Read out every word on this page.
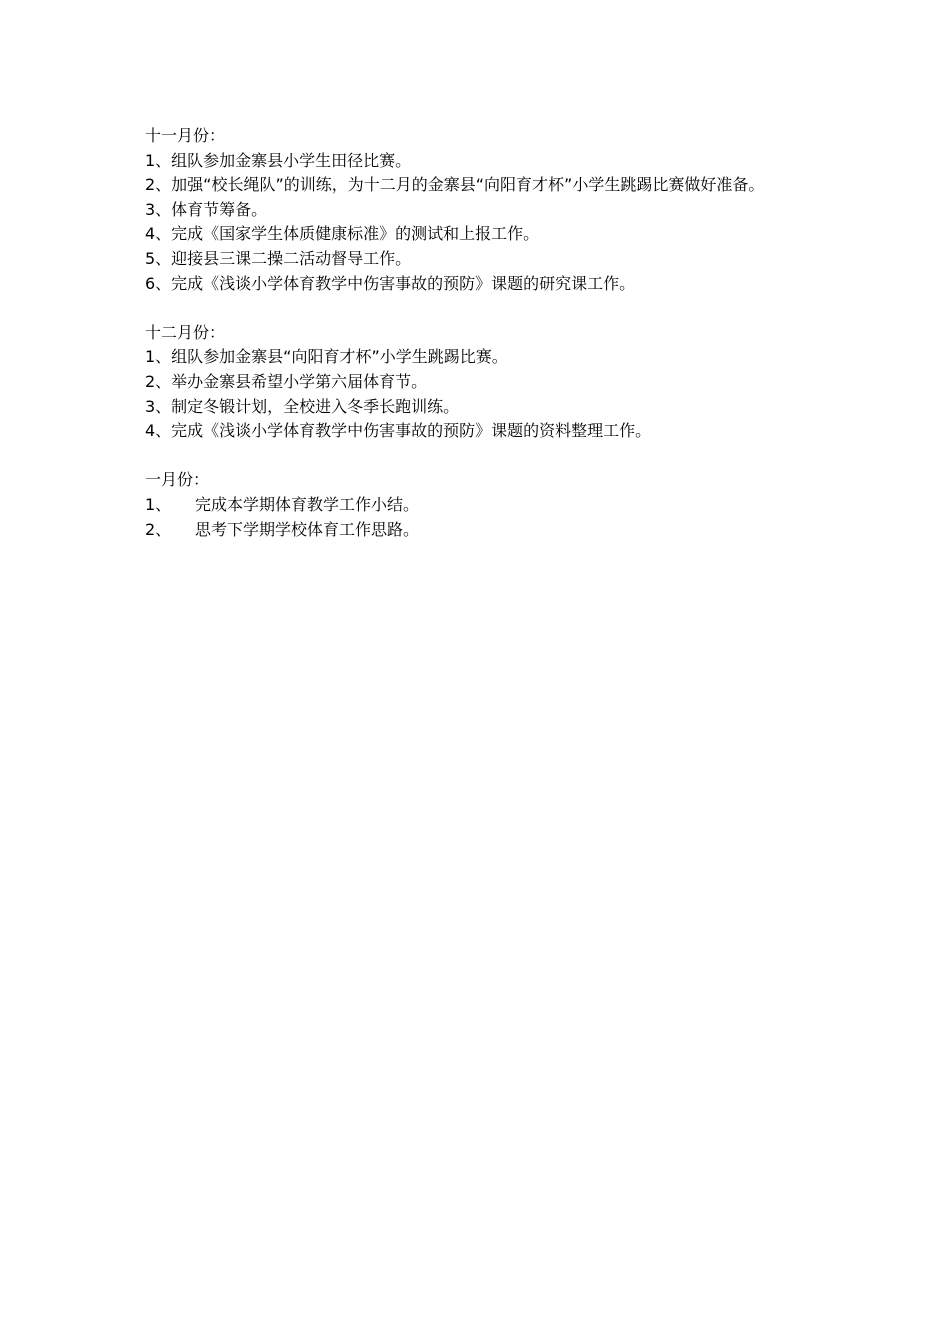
十一月份：
1、组队参加金寨县小学生田径比赛。
2、加强“校长绳队”的训练，为十二月的金寨县“向阳育才杯”小学生跳踢比赛做好准备。
3、体育节筹备。
4、完成《国家学生体质健康标准》的测试和上报工作。
5、迎接县三课二操二活动督导工作。
6、完成《浅谈小学体育教学中伤害事故的预防》课题的研究课工作。
十二月份：
1、组队参加金寨县“向阳育才杯”小学生跳踢比赛。
2、举办金寨县希望小学第六届体育节。
3、制定冬锻计划，全校进入冬季长跑训练。
4、完成《浅谈小学体育教学中伤害事故的预防》课题的资料整理工作。
一月份：
1、 完成本学期体育教学工作小结。
2、 思考下学期学校体育工作思路。
